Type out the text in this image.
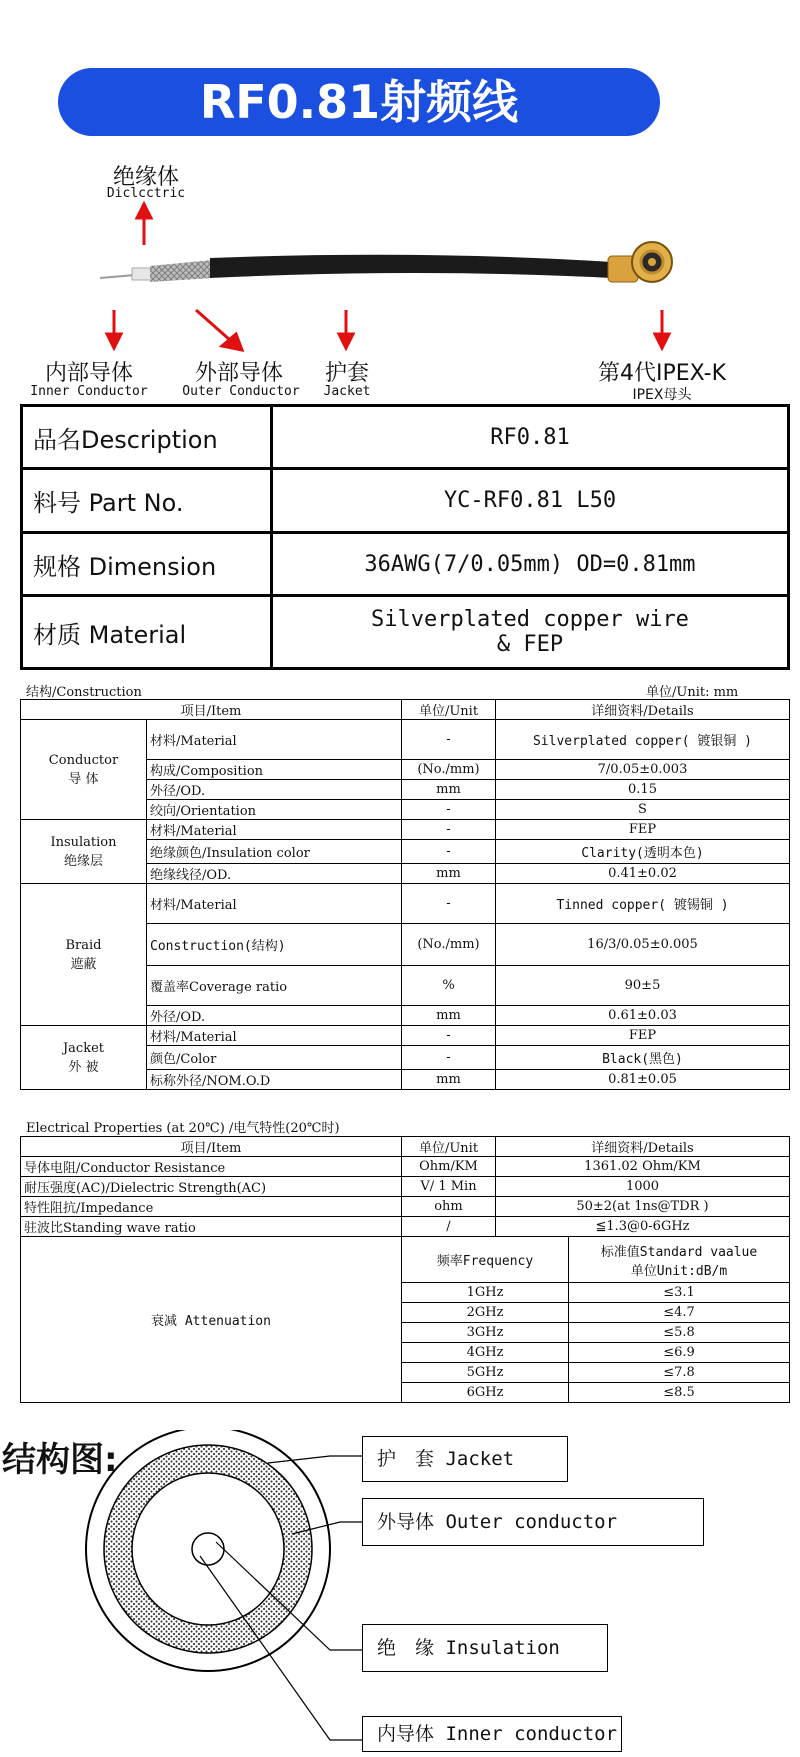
RF0.81射频线
绝缘体
Diclcctric
内部导体
Inner Conductor
外部导体
Outer Conductor
护套
Jacket
第4代IPEX-K
IPEX母头
品名Description	RF0.81
料号 Part No.	YC-RF0.81 L50
规格 Dimension	36AWG(7/0.05mm) OD=0.81mm
材质 Material	Silverplated copper wire
& FEP
结构/Construction	单位/Unit: mm
项目/Item		单位/Unit	详细资料/Details

Conductor
导 体	材料/Material	-	Silverplated copper( 镀银铜 )
	构成/Composition	(No./mm)	7/0.05±0.003
	外径/OD.	mm	0.15
	绞向/Orientation	-	S

Insulation
绝缘层	材料/Material	-	FEP
	绝缘颜色/Insulation color	-	Clarity(透明本色)
	绝缘线径/OD.	mm	0.41±0.02

Braid
遮蔽	材料/Material	-	Tinned copper( 镀锡铜 )
	Construction(结构)	(No./mm)	16/3/0.05±0.005
	覆盖率Coverage ratio	%	90±5
	外径/OD.	mm	0.61±0.03

Jacket
外 被	材料/Material	-	FEP
	颜色/Color	-	Black(黑色)
	标称外径/NOM.O.D	mm	0.81±0.05
Electrical Properties (at 20℃) /电气特性(20℃时)
项目/Item	单位/Unit	详细资料/Details	
导体电阻/Conductor Resistance	Ohm/KM	1361.02 Ohm/KM	
耐压强度(AC)/Dielectric Strength(AC)	V/ 1 Min	1000	
特性阻抗/Impedance	ohm	50±2(at 1ns@TDR )	
驻波比Standing wave ratio	/	≦1.3@0-6GHz	
衰减 Attenuation	频率Frequency		标准值Standard vaalue
单位Unit:dB/m

	1GHz		≤3.1
	2GHz		≤4.7
	3GHz		≤5.8
	4GHz		≤6.9
	5GHz		≤7.8
	6GHz		≤8.5
结构图:	护　套 Jacket
外导体 Outer conductor
绝　缘 Insulation
内导体 Inner conductor
